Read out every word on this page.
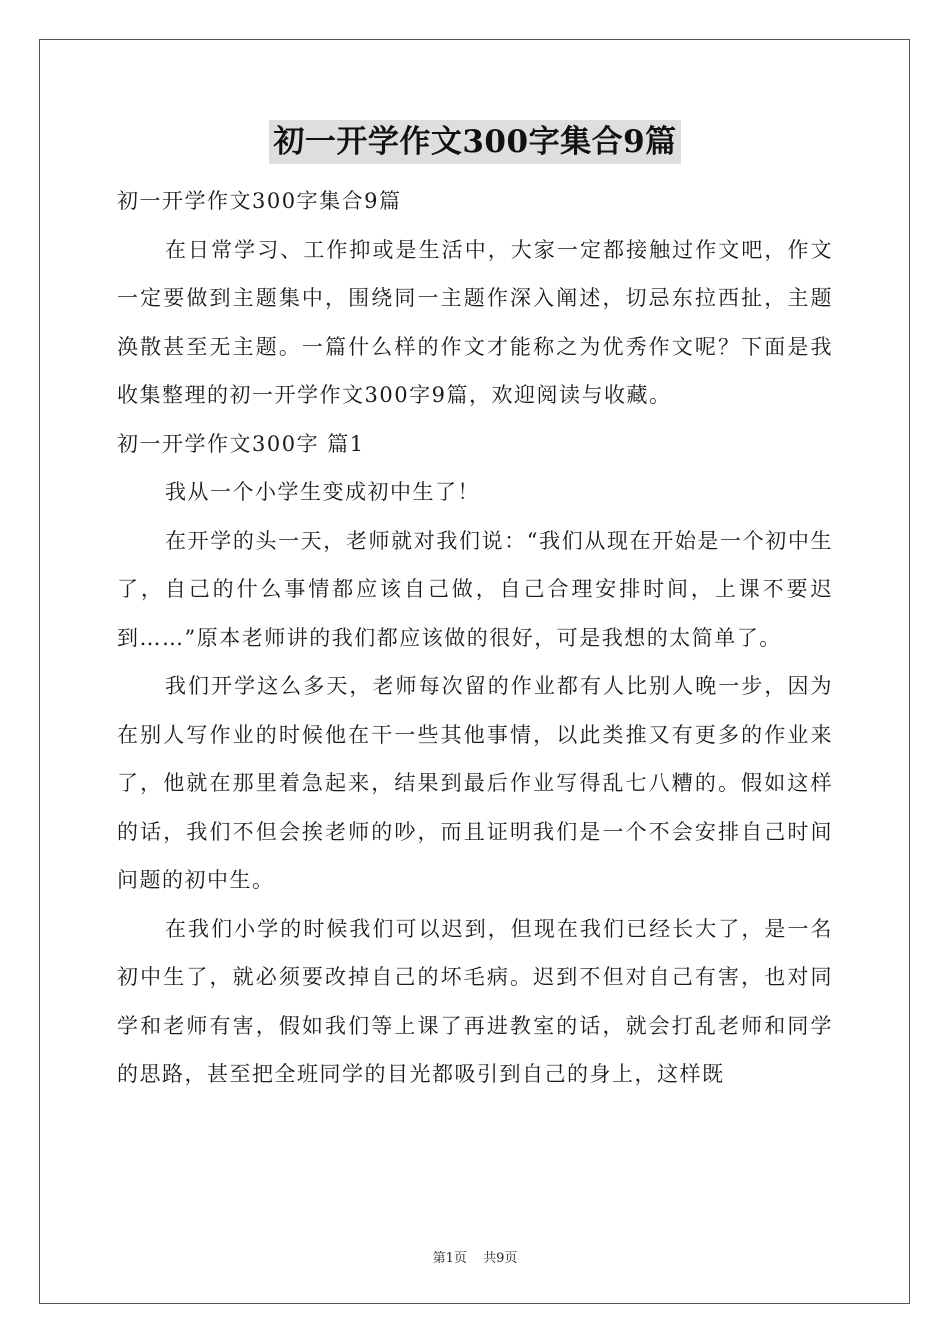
初一开学作文300字集合9篇

初一开学作文300字集合9篇

在日常学习、工作抑或是生活中，大家一定都接触过作文吧，作文一定要做到主题集中，围绕同一主题作深入阐述，切忌东拉西扯，主题涣散甚至无主题。一篇什么样的作文才能称之为优秀作文呢？下面是我收集整理的初一开学作文300字9篇，欢迎阅读与收藏。

初一开学作文300字 篇1

我从一个小学生变成初中生了！

在开学的头一天，老师就对我们说：“我们从现在开始是一个初中生了，自己的什么事情都应该自己做，自己合理安排时间，上课不要迟到……”原本老师讲的我们都应该做的很好，可是我想的太简单了。

我们开学这么多天，老师每次留的作业都有人比别人晚一步，因为在别人写作业的时候他在干一些其他事情，以此类推又有更多的作业来了，他就在那里着急起来，结果到最后作业写得乱七八糟的。假如这样的话，我们不但会挨老师的吵，而且证明我们是一个不会安排自己时间问题的初中生。

在我们小学的时候我们可以迟到，但现在我们已经长大了，是一名初中生了，就必须要改掉自己的坏毛病。迟到不但对自己有害，也对同学和老师有害，假如我们等上课了再进教室的话，就会打乱老师和同学的思路，甚至把全班同学的目光都吸引到自己的身上，这样既

第1页 共9页
